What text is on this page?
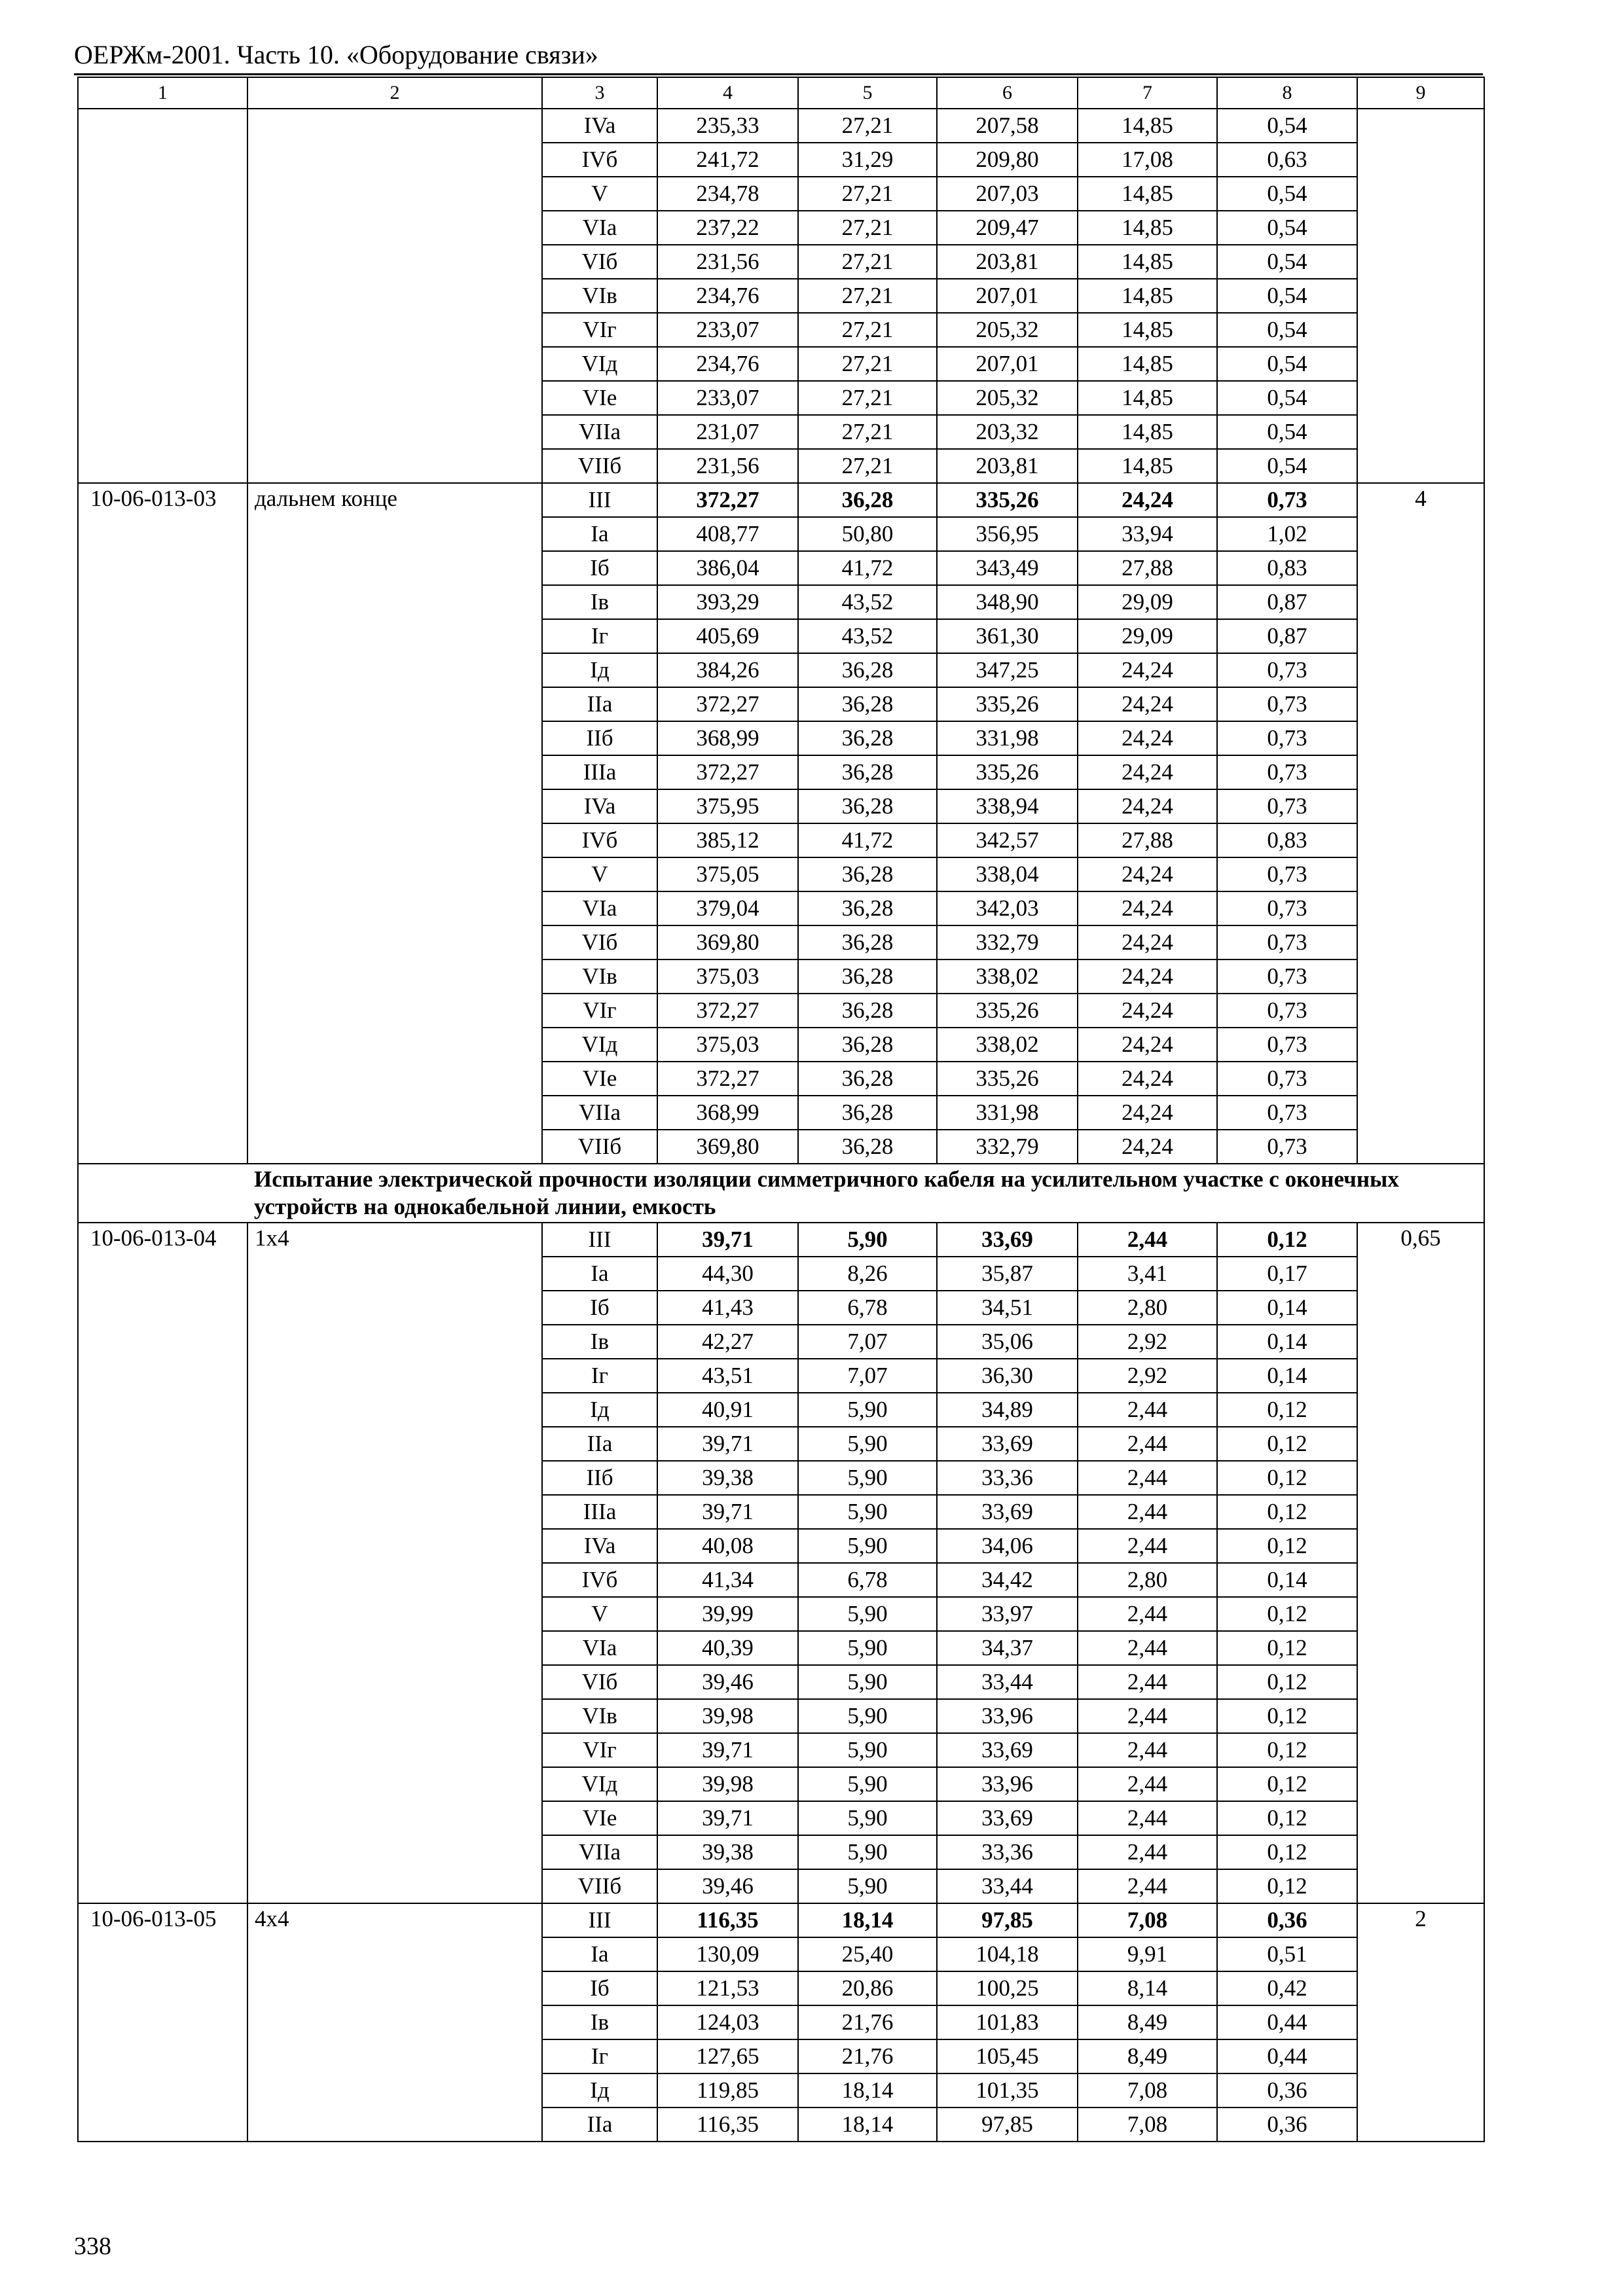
ОЕРЖм-2001. Часть 10. «Оборудование связи»
1	2	3	4	5	6	7	8	9
		IVa	235,33	27,21	207,58	14,85	0,54	
		IVб	241,72	31,29	209,80	17,08	0,63	
		V	234,78	27,21	207,03	14,85	0,54	
		VIa	237,22	27,21	209,47	14,85	0,54	
		VIб	231,56	27,21	203,81	14,85	0,54	
		VIв	234,76	27,21	207,01	14,85	0,54	
		VIг	233,07	27,21	205,32	14,85	0,54	
		VIд	234,76	27,21	207,01	14,85	0,54	
		VIe	233,07	27,21	205,32	14,85	0,54	
		VIIa	231,07	27,21	203,32	14,85	0,54	
		VIIб	231,56	27,21	203,81	14,85	0,54	
10-06-013-03	дальнем конце	III	372,27	36,28	335,26	24,24	0,73	4
		Ia	408,77	50,80	356,95	33,94	1,02	
		Iб	386,04	41,72	343,49	27,88	0,83	
		Iв	393,29	43,52	348,90	29,09	0,87	
		Iг	405,69	43,52	361,30	29,09	0,87	
		Iд	384,26	36,28	347,25	24,24	0,73	
		IIa	372,27	36,28	335,26	24,24	0,73	
		IIб	368,99	36,28	331,98	24,24	0,73	
		IIIa	372,27	36,28	335,26	24,24	0,73	
		IVa	375,95	36,28	338,94	24,24	0,73	
		IVб	385,12	41,72	342,57	27,88	0,83	
		V	375,05	36,28	338,04	24,24	0,73	
		VIa	379,04	36,28	342,03	24,24	0,73	
		VIб	369,80	36,28	332,79	24,24	0,73	
		VIв	375,03	36,28	338,02	24,24	0,73	
		VIг	372,27	36,28	335,26	24,24	0,73	
		VIд	375,03	36,28	338,02	24,24	0,73	
		VIe	372,27	36,28	335,26	24,24	0,73	
		VIIa	368,99	36,28	331,98	24,24	0,73	
		VIIб	369,80	36,28	332,79	24,24	0,73	
	Испытание электрической прочности изоляции симметричного кабеля на усилительном участке с оконечных устройств на однокабельной линии, емкость							
10-06-013-04	1x4	III	39,71	5,90	33,69	2,44	0,12	0,65
		Ia	44,30	8,26	35,87	3,41	0,17	
		Iб	41,43	6,78	34,51	2,80	0,14	
		Iв	42,27	7,07	35,06	2,92	0,14	
		Iг	43,51	7,07	36,30	2,92	0,14	
		Iд	40,91	5,90	34,89	2,44	0,12	
		IIa	39,71	5,90	33,69	2,44	0,12	
		IIб	39,38	5,90	33,36	2,44	0,12	
		IIIa	39,71	5,90	33,69	2,44	0,12	
		IVa	40,08	5,90	34,06	2,44	0,12	
		IVб	41,34	6,78	34,42	2,80	0,14	
		V	39,99	5,90	33,97	2,44	0,12	
		VIa	40,39	5,90	34,37	2,44	0,12	
		VIб	39,46	5,90	33,44	2,44	0,12	
		VIв	39,98	5,90	33,96	2,44	0,12	
		VIг	39,71	5,90	33,69	2,44	0,12	
		VIд	39,98	5,90	33,96	2,44	0,12	
		VIe	39,71	5,90	33,69	2,44	0,12	
		VIIa	39,38	5,90	33,36	2,44	0,12	
		VIIб	39,46	5,90	33,44	2,44	0,12	
10-06-013-05	4x4	III	116,35	18,14	97,85	7,08	0,36	2
		Ia	130,09	25,40	104,18	9,91	0,51	
		Iб	121,53	20,86	100,25	8,14	0,42	
		Iв	124,03	21,76	101,83	8,49	0,44	
		Iг	127,65	21,76	105,45	8,49	0,44	
		Iд	119,85	18,14	101,35	7,08	0,36	
		IIa	116,35	18,14	97,85	7,08	0,36	
338
